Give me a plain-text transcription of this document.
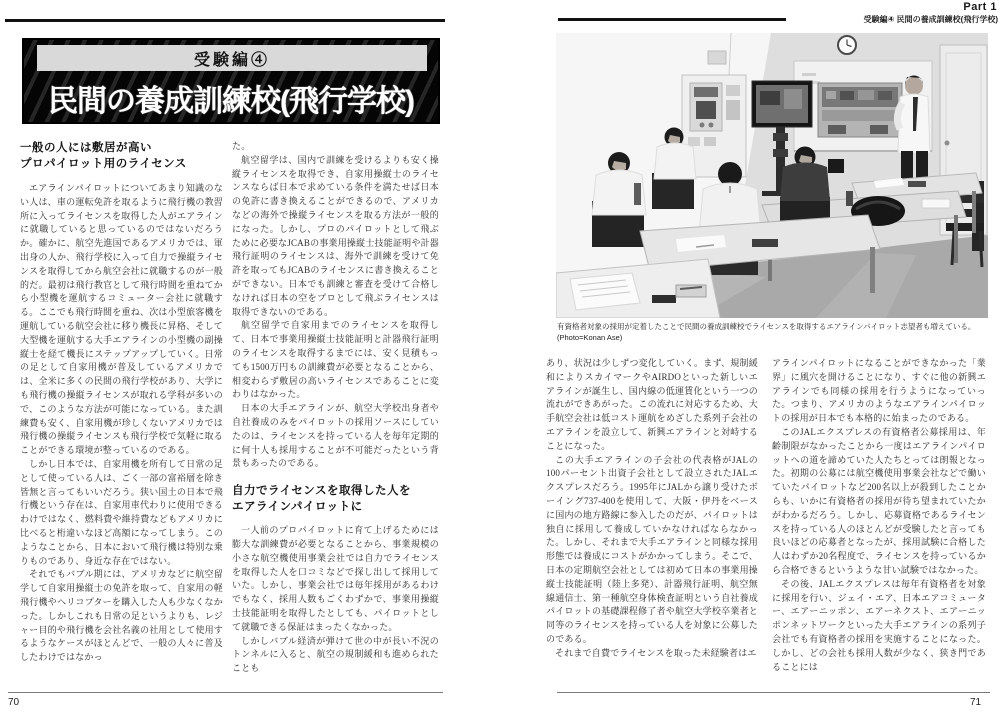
Part 1
受験編④ 民間の養成訓練校(飛行学校)
受験編④
民間の養成訓練校(飛行学校)
一般の人には敷居が高い
プロパイロット用のライセンス

エアラインパイロットについてあまり知識のない人は、車の運転免許を取るように飛行機の教習所に入ってライセンスを取得した人がエアラインに就職していると思っているのではないだろうか。確かに、航空先進国であるアメリカでは、軍出身の人か、飛行学校に入って自力で操縦ライセンスを取得してから航空会社に就職するのが一般的だ。最初は飛行教官として飛行時間を重ねてから小型機を運航するコミューター会社に就職する。ここでも飛行時間を重ね、次は小型旅客機を運航している航空会社に移り機長に昇格、そして大型機を運航する大手エアラインの小型機の副操縦士を経て機長にステップアップしていく。日常の足として自家用機が普及しているアメリカでは、全米に多くの民間の飛行学校があり、大学にも飛行機の操縦ライセンスが取れる学科が多いので、このような方法が可能になっている。また訓練費も安く、自家用機が珍しくないアメリカでは飛行機の操縦ライセンスも飛行学校で気軽に取ることができる環境が整っているのである。

しかし日本では、自家用機を所有して日常の足として使っている人は、ごく一部の富裕層を除き皆無と言ってもいいだろう。狭い国土の日本で飛行機という存在は、自家用車代わりに使用できるわけではなく、燃料費や維持費などもアメリカに比べると桁違いなほど高額になってしまう。このようなことから、日本において飛行機は特別な乗りものであり、身近な存在ではない。

それでもバブル期には、アメリカなどに航空留学して自家用操縦士の免許を取って、自家用の軽飛行機やヘリコプターを購入した人も少なくなかった。しかしこれも日常の足というよりも、レジャー目的や飛行機を会社名義の社用として使用するようなケースがほとんどで、一般の人々に普及したわけではなかっ

た。

航空留学は、国内で訓練を受けるよりも安く操縦ライセンスを取得でき、自家用操縦士のライセンスならば日本で求めている条件を満たせば日本の免許に書き換えることができるので、アメリカなどの海外で操縦ライセンスを取る方法が一般的になった。しかし、プロのパイロットとして飛ぶために必要なJCABの事業用操縦士技能証明や計器飛行証明のライセンスは、海外で訓練を受けて免許を取ってもJCABのライセンスに書き換えることができない。日本でも訓練と審査を受けて合格しなければ日本の空をプロとして飛ぶライセンスは取得できないのである。

航空留学で自家用までのライセンスを取得して、日本で事業用操縦士技能証明と計器飛行証明のライセンスを取得するまでには、安く見積もっても1500万円もの訓練費が必要となることから、相変わらず敷居の高いライセンスであることに変わりはなかった。

日本の大手エアラインが、航空大学校出身者や自社養成のみをパイロットの採用ソースにしていたのは、ライセンスを持っている人を毎年定期的に何十人も採用することが不可能だったという背景もあったのである。

自力でライセンスを取得した人を
エアラインパイロットに

一人前のプロパイロットに育て上げるためには膨大な訓練費が必要となることから、事業規模の小さな航空機使用事業会社では自力でライセンスを取得した人を口コミなどで探し出して採用していた。しかし、事業会社では毎年採用があるわけでもなく、採用人数もごくわずかで、事業用操縦士技能証明を取得したとしても、パイロットとして就職できる保証はまったくなかった。

しかしバブル経済が弾けて世の中が長い不況のトンネルに入ると、航空の規制緩和も進められたことも

有資格者対象の採用が定着したことで民間の養成訓練校でライセンスを取得するエアラインパイロット志望者も増えている。
(Photo=Konan Ase)

あり、状況は少しずつ変化していく。まず、規制緩和によりスカイマークやAIRDOといった新しいエアラインが誕生し、国内線の低運賃化という一つの流れができあがった。この流れに対応するため、大手航空会社は低コスト運航をめざした系列子会社のエアラインを設立して、新興エアラインと対峙することになった。

この大手エアラインの子会社の代表格がJALの100パーセント出資子会社として設立されたJALエクスプレスだろう。1995年にJALから譲り受けたボーイング737-400を使用して、大阪・伊丹をベースに国内の地方路線に参入したのだが、パイロットは独自に採用して養成していかなければならなかった。しかし、それまで大手エアラインと同様な採用形態では養成にコストがかかってしまう。そこで、日本の定期航空会社としては初めて日本の事業用操縦士技能証明（陸上多発）、計器飛行証明、航空無線通信士、第一種航空身体検査証明という自社養成パイロットの基礎課程修了者や航空大学校卒業者と同等のライセンスを持っている人を対象に公募したのである。

それまで自費でライセンスを取った未経験者はエ

アラインパイロットになることができなかった「業界」に風穴を開けることになり、すぐに他の新興エアラインでも同様の採用を行うようになっていった。つまり、アメリカのようなエアラインパイロットの採用が日本でも本格的に始まったのである。

このJALエクスプレスの有資格者公募採用は、年齢制限がなかったことから一度はエアラインパイロットへの道を諦めていた人たちとっては朗報となった。初期の公募には航空機使用事業会社などで働いていたパイロットなど200名以上が殺到したことからも、いかに有資格者の採用が待ち望まれていたかがわかるだろう。しかし、応募資格であるライセンスを持っている人のほとんどが受験したと言っても良いほどの応募者となったが、採用試験に合格した人はわずか20名程度で、ライセンスを持っているから合格できるというような甘い試験ではなかった。

その後、JALエクスプレスは毎年有資格者を対象に採用を行い、ジェイ・エア、日本エアコミューター、エアーニッポン、エアーネクスト、エアーニッポンネットワークといった大手エアラインの系列子会社でも有資格者の採用を実施することになった。しかし、どの会社も採用人数が少なく、狭き門であることには

70	71
